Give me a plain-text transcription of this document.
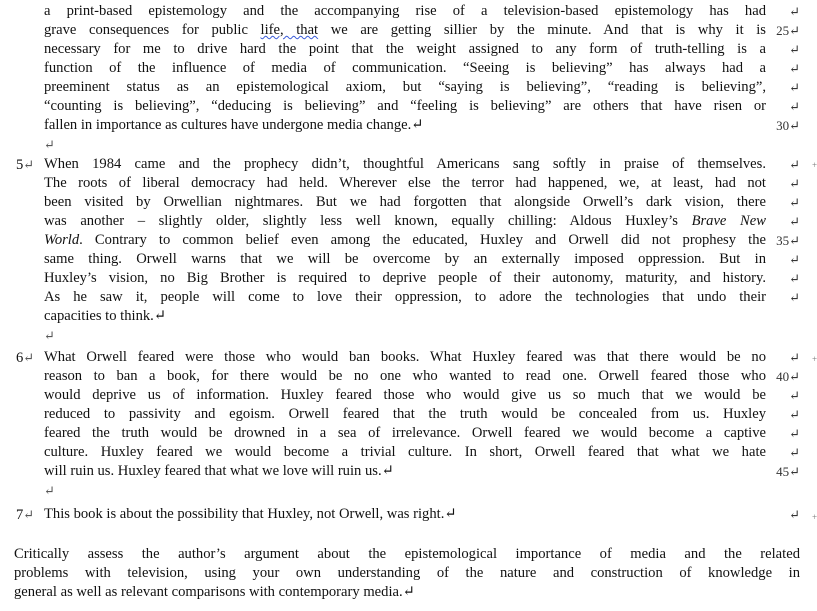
a print-based epistemology and the accompanying rise of a television-based epistemology has had
grave consequences for public life, that we are getting sillier by the minute. And that is why it is
necessary for me to drive hard the point that the weight assigned to any form of truth-telling is a
function of the influence of media of communication. “Seeing is believing” has always had a
preeminent status as an epistemological axiom, but “saying is believing”, “reading is believing”,
“counting is believing”, “deducing is believing” and “feeling is believing” are others that have risen or
fallen in importance as cultures have undergone media change.↵
25↵
↵
↵
↵
↵
↵
30↵
↵
5↵ When 1984 came and the prophecy didn’t, thoughtful Americans sang softly in praise of themselves.
The roots of liberal democracy had held. Wherever else the terror had happened, we, at least, had not
been visited by Orwellian nightmares. But we had forgotten that alongside Orwell’s dark vision, there
was another – slightly older, slightly less well known, equally chilling: Aldous Huxley’s Brave New
World. Contrary to common belief even among the educated, Huxley and Orwell did not prophesy the
same thing. Orwell warns that we will be overcome by an externally imposed oppression. But in
Huxley’s vision, no Big Brother is required to deprive people of their autonomy, maturity, and history.
As he saw it, people will come to love their oppression, to adore the technologies that undo their
capacities to think.↵
↵
↵
↵
↵
35↵
↵
↵
↵
↵
+
6↵ What Orwell feared were those who would ban books. What Huxley feared was that there would be no
reason to ban a book, for there would be no one who wanted to read one. Orwell feared those who
would deprive us of information. Huxley feared those who would give us so much that we would be
reduced to passivity and egoism. Orwell feared that the truth would be concealed from us. Huxley
feared the truth would be drowned in a sea of irrelevance. Orwell feared we would become a captive
culture. Huxley feared we would become a trivial culture. In short, Orwell feared that what we hate
will ruin us. Huxley feared that what we love will ruin us.↵
↵
40↵
↵
↵
↵
↵
45↵
↵
+
7↵ This book is about the possibility that Huxley, not Orwell, was right.↵	↵ +
Critically assess the author’s argument about the epistemological importance of media and the related
problems with television, using your own understanding of the nature and construction of knowledge in
general as well as relevant comparisons with contemporary media.↵
